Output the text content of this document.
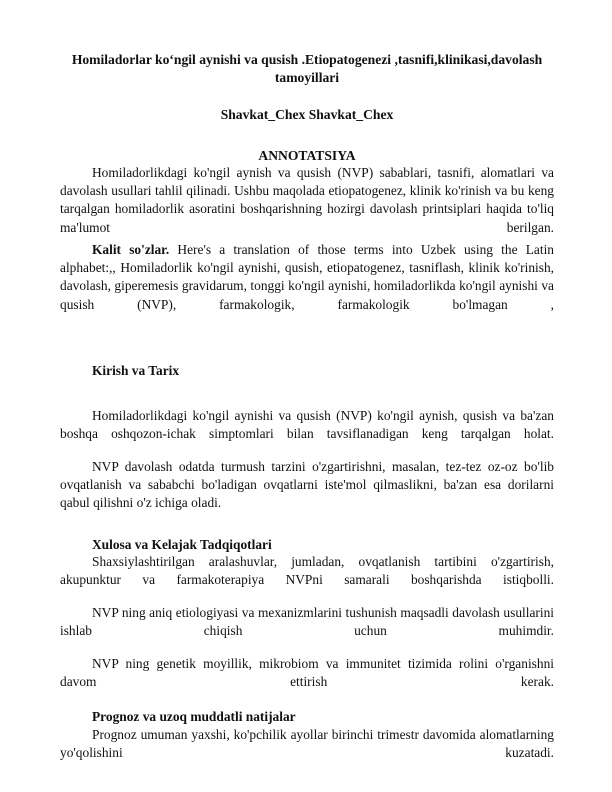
Homiladorlar ko‘ngil aynishi va qusish .Etiopatogenezi ,tasnifi,klinikasi,davolash tamoyillari

Shavkat_Chex Shavkat_Chex

ANNOTATSIYA

Homiladorlikdagi ko'ngil aynish va qusish (NVP) sabablari, tasnifi, alomatlari va davolash usullari tahlil qilinadi. Ushbu maqolada etiopatogenez, klinik ko'rinish va bu keng tarqalgan homiladorlik asoratini boshqarishning hozirgi davolash printsiplari haqida to'liq ma'lumot berilgan.

Kalit so'zlar. Here's a translation of those terms into Uzbek using the Latin alphabet:,, Homiladorlik ko'ngil aynishi, qusish, etiopatogenez, tasniflash, klinik ko'rinish, davolash, giperemesis gravidarum, tonggi ko'ngil aynishi, homiladorlikda ko'ngil aynishi va qusish (NVP), farmakologik, farmakologik bo'lmagan ,

Kirish va Tarix

Homiladorlikdagi ko'ngil aynishi va qusish (NVP) ko'ngil aynish, qusish va ba'zan boshqa oshqozon-ichak simptomlari bilan tavsiflanadigan keng tarqalgan holat.

NVP davolash odatda turmush tarzini o'zgartirishni, masalan, tez-tez oz-oz bo'lib ovqatlanish va sababchi bo'ladigan ovqatlarni iste'mol qilmaslikni, ba'zan esa dorilarni qabul qilishni o'z ichiga oladi.

Xulosa va Kelajak Tadqiqotlari

Shaxsiylashtirilgan aralashuvlar, jumladan, ovqatlanish tartibini o'zgartirish, akupunktur va farmakoterapiya NVPni samarali boshqarishda istiqbolli.

NVP ning aniq etiologiyasi va mexanizmlarini tushunish maqsadli davolash usullarini ishlab chiqish uchun muhimdir.

NVP ning genetik moyillik, mikrobiom va immunitet tizimida rolini o'rganishni davom ettirish kerak.

Prognoz va uzoq muddatli natijalar

Prognoz umuman yaxshi, ko'pchilik ayollar birinchi trimestr davomida alomatlarning yo'qolishini kuzatadi.
